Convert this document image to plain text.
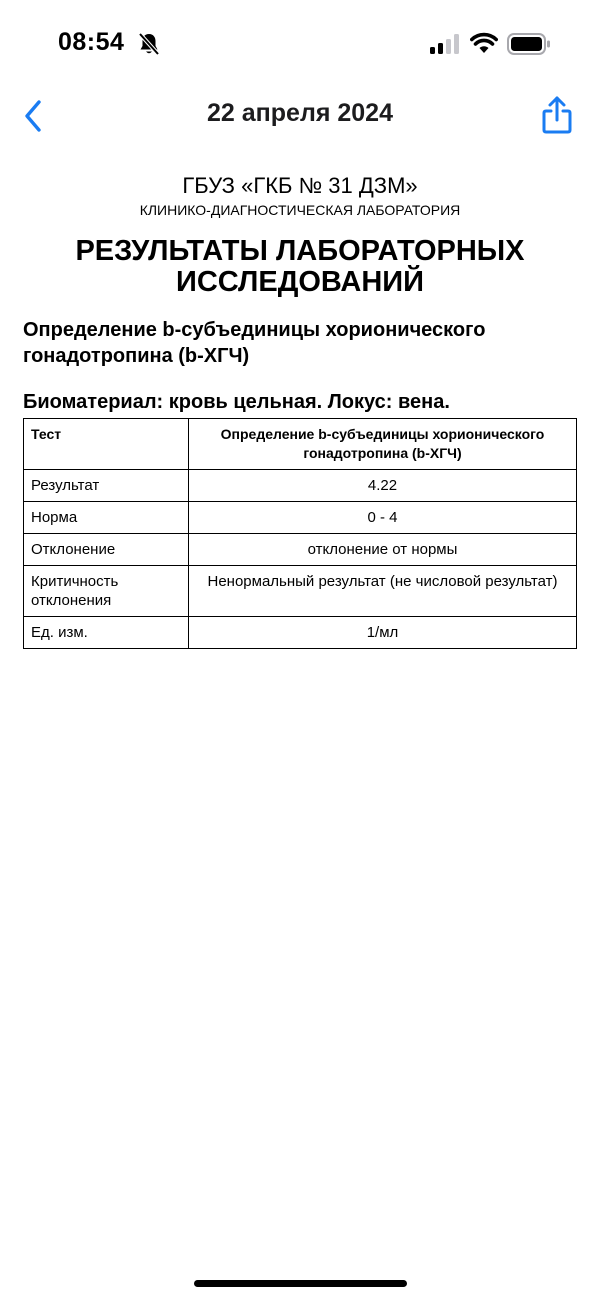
08:54
22 апреля 2024
ГБУЗ «ГКБ № 31 ДЗМ»
КЛИНИКО-ДИАГНОСТИЧЕСКАЯ ЛАБОРАТОРИЯ
РЕЗУЛЬТАТЫ ЛАБОРАТОРНЫХ ИССЛЕДОВАНИЙ
Определение b-субъединицы хорионического гонадотропина (b-ХГЧ)
Биоматериал: кровь цельная. Локус: вена.
Тест	Определение b-субъединицы хорионического гонадотропина (b-ХГЧ)
Результат	4.22
Норма	0 - 4
Отклонение	отклонение от нормы
Критичность отклонения	Ненормальный результат (не числовой результат)
Ед. изм.	1/мл
